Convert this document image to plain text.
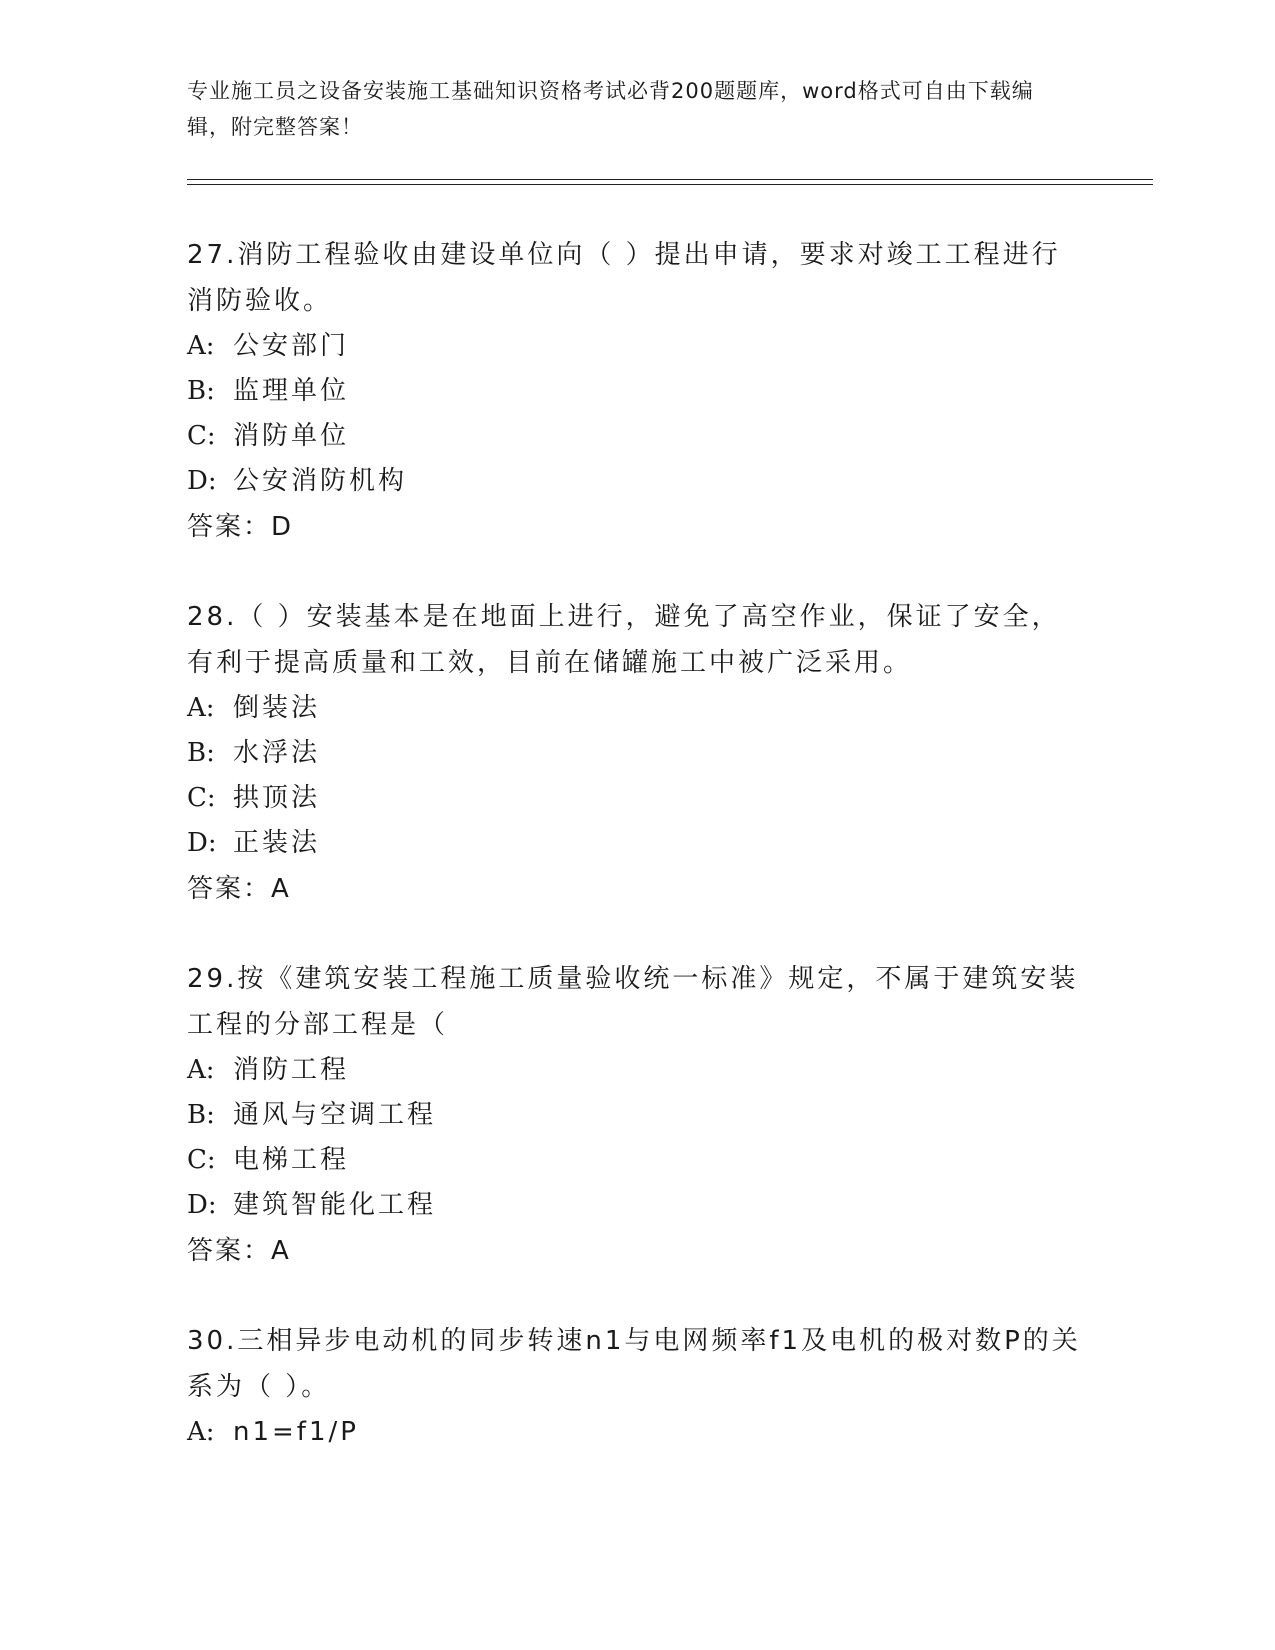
专业施工员之设备安装施工基础知识资格考试必背200题题库，word格式可自由下载编辑，附完整答案！
27.消防工程验收由建设单位向（ ）提出申请，要求对竣工工程进行消防验收。
A: 公安部门
B: 监理单位
C: 消防单位
D: 公安消防机构
答案：D
28.（ ）安装基本是在地面上进行，避免了高空作业，保证了安全，有利于提高质量和工效，目前在储罐施工中被广泛采用。
A: 倒装法
B: 水浮法
C: 拱顶法
D: 正装法
答案：A
29.按《建筑安装工程施工质量验收统一标准》规定，不属于建筑安装工程的分部工程是（
A: 消防工程
B: 通风与空调工程
C: 电梯工程
D: 建筑智能化工程
答案：A
30.三相异步电动机的同步转速n1与电网频率f1及电机的极对数P的关系为（ ）。
A: n1=f1/P
